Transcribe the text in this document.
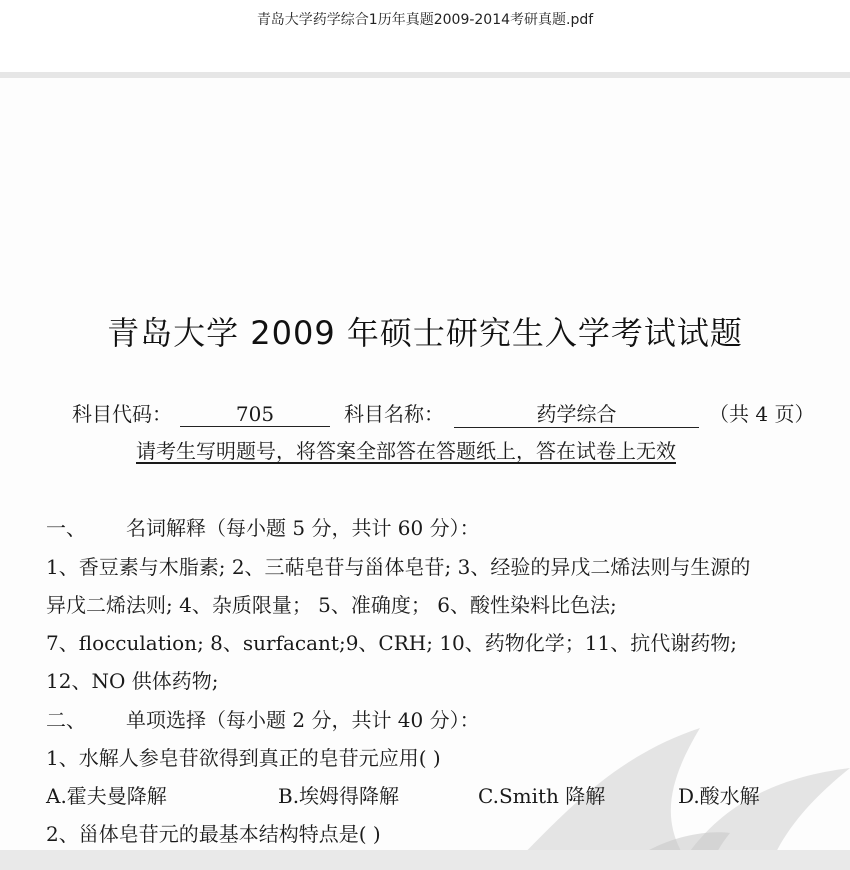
青岛大学药学综合1历年真题2009-2014考研真题.pdf
青岛大学 2009 年硕士研究生入学考试试题
科目代码：	705	科目名称：	药学综合	（共 4 页）
请考生写明题号，将答案全部答在答题纸上，答在试卷上无效
一、 名词解释（每小题 5 分，共计 60 分）：
1、香豆素与木脂素; 2、三萜皂苷与甾体皂苷; 3、经验的异戊二烯法则与生源的
异戊二烯法则; 4、杂质限量； 5、准确度； 6、酸性染料比色法;
7、flocculation; 8、surfacant;9、CRH; 10、药物化学；11、抗代谢药物;
12、NO 供体药物;
二、 单项选择（每小题 2 分，共计 40 分）：
1、水解人参皂苷欲得到真正的皂苷元应用( )
A.霍夫曼降解	B.埃姆得降解	C.Smith 降解	D.酸水解
2、甾体皂苷元的最基本结构特点是( )
